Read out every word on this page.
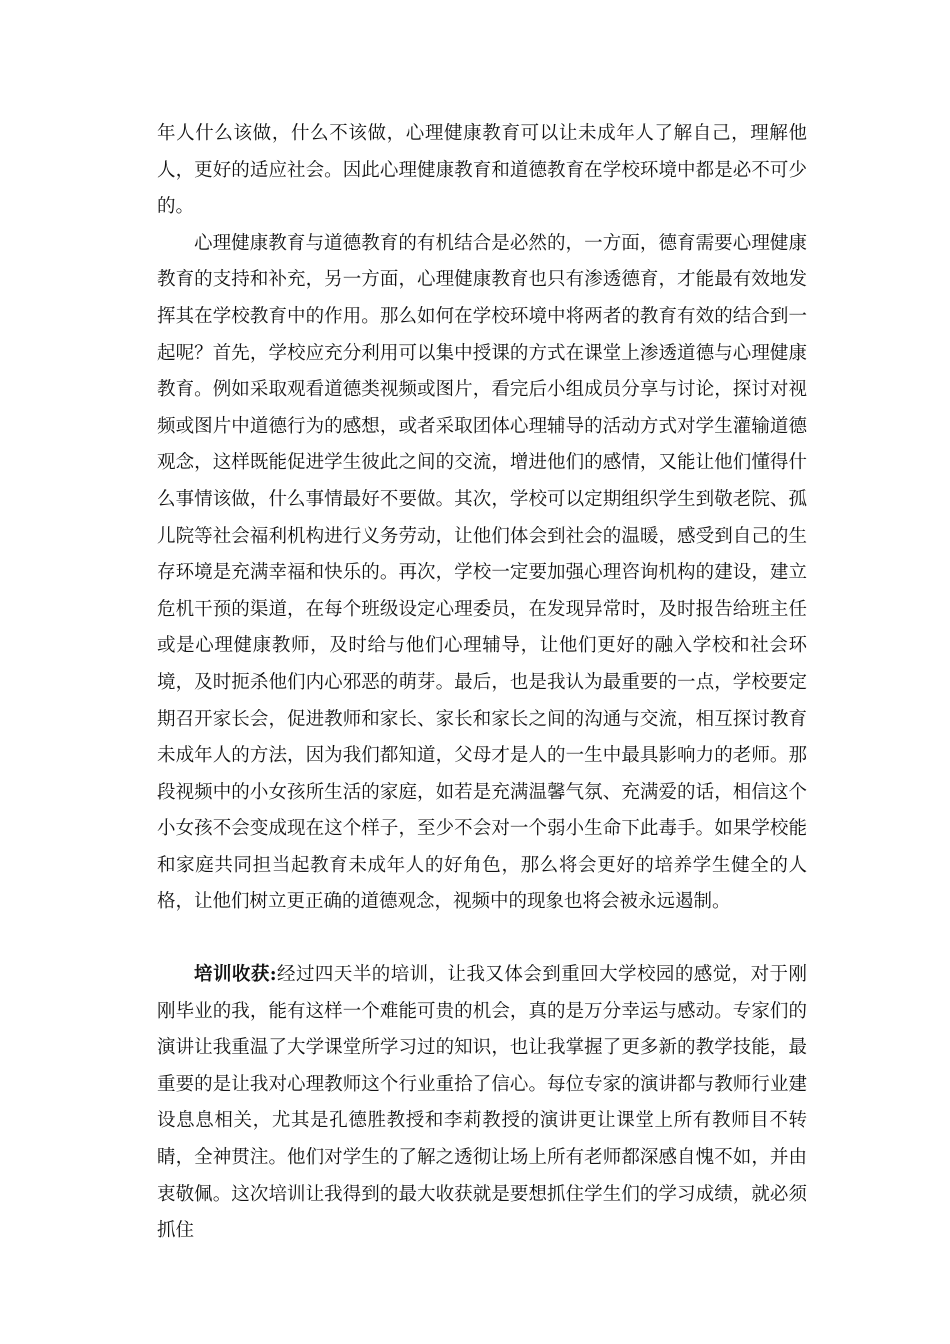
年人什么该做，什么不该做，心理健康教育可以让未成年人了解自己，理解他人，更好的适应社会。因此心理健康教育和道德教育在学校环境中都是必不可少的。

心理健康教育与道德教育的有机结合是必然的，一方面，德育需要心理健康教育的支持和补充，另一方面，心理健康教育也只有渗透德育，才能最有效地发挥其在学校教育中的作用。那么如何在学校环境中将两者的教育有效的结合到一起呢？首先，学校应充分利用可以集中授课的方式在课堂上渗透道德与心理健康教育。例如采取观看道德类视频或图片，看完后小组成员分享与讨论，探讨对视频或图片中道德行为的感想，或者采取团体心理辅导的活动方式对学生灌输道德观念，这样既能促进学生彼此之间的交流，增进他们的感情，又能让他们懂得什么事情该做，什么事情最好不要做。其次，学校可以定期组织学生到敬老院、孤儿院等社会福利机构进行义务劳动，让他们体会到社会的温暖，感受到自己的生存环境是充满幸福和快乐的。再次，学校一定要加强心理咨询机构的建设，建立危机干预的渠道，在每个班级设定心理委员，在发现异常时，及时报告给班主任或是心理健康教师，及时给与他们心理辅导，让他们更好的融入学校和社会环境，及时扼杀他们内心邪恶的萌芽。最后，也是我认为最重要的一点，学校要定期召开家长会，促进教师和家长、家长和家长之间的沟通与交流，相互探讨教育未成年人的方法，因为我们都知道，父母才是人的一生中最具影响力的老师。那段视频中的小女孩所生活的家庭，如若是充满温馨气氛、充满爱的话，相信这个小女孩不会变成现在这个样子，至少不会对一个弱小生命下此毒手。如果学校能和家庭共同担当起教育未成年人的好角色，那么将会更好的培养学生健全的人格，让他们树立更正确的道德观念，视频中的现象也将会被永远遏制。

培训收获:经过四天半的培训，让我又体会到重回大学校园的感觉，对于刚刚毕业的我，能有这样一个难能可贵的机会，真的是万分幸运与感动。专家们的演讲让我重温了大学课堂所学习过的知识，也让我掌握了更多新的教学技能，最重要的是让我对心理教师这个行业重拾了信心。每位专家的演讲都与教师行业建设息息相关，尤其是孔德胜教授和李莉教授的演讲更让课堂上所有教师目不转睛，全神贯注。他们对学生的了解之透彻让场上所有老师都深感自愧不如，并由衷敬佩。这次培训让我得到的最大收获就是要想抓住学生们的学习成绩，就必须抓住
